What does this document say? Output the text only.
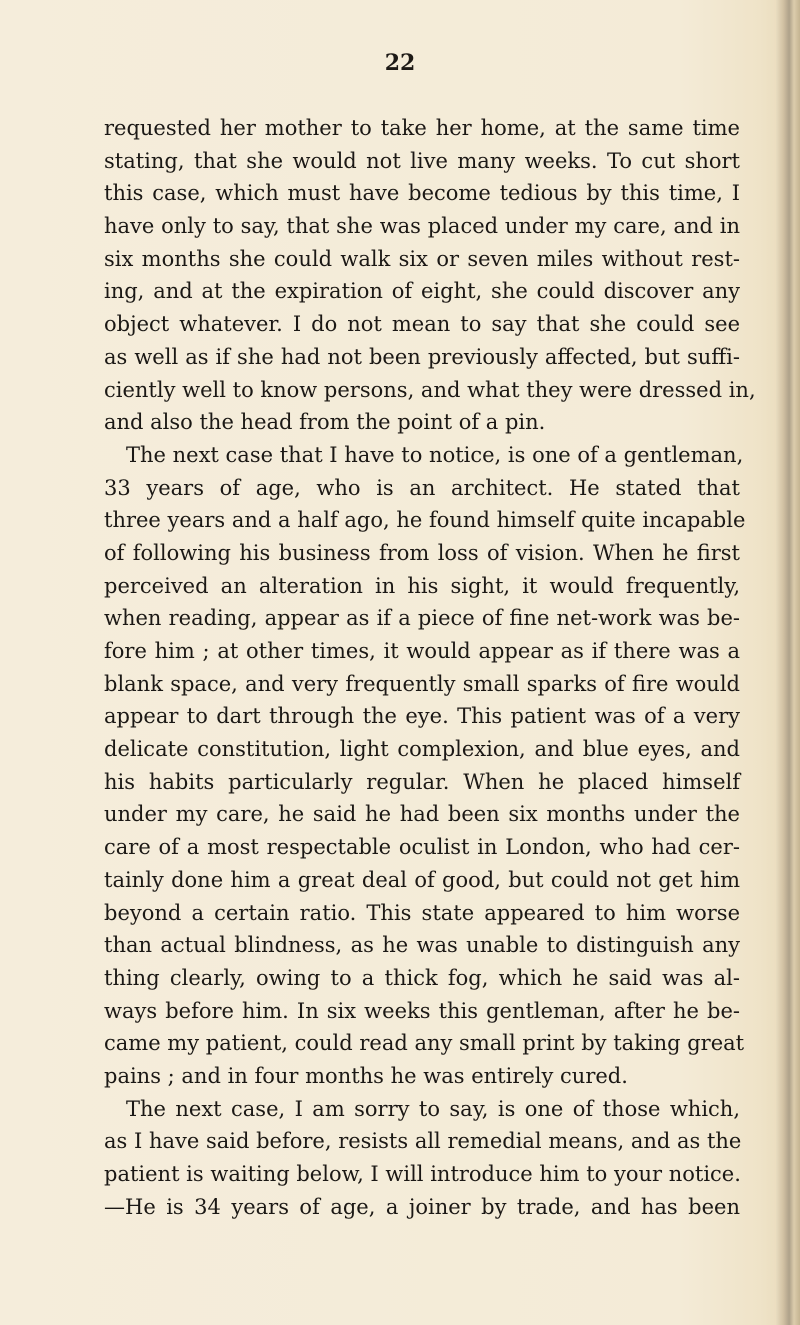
22
requested her mother to take her home, at the same time
stating, that she would not live many weeks. To cut short
this case, which must have become tedious by this time, I
have only to say, that she was placed under my care, and in
six months she could walk six or seven miles without rest-
ing, and at the expiration of eight, she could discover any
object whatever. I do not mean to say that she could see
as well as if she had not been previously affected, but suffi-
ciently well to know persons, and what they were dressed in,
and also the head from the point of a pin.
The next case that I have to notice, is one of a gentleman,
33 years of age, who is an architect. He stated that
three years and a half ago, he found himself quite incapable
of following his business from loss of vision. When he first
perceived an alteration in his sight, it would frequently,
when reading, appear as if a piece of fine net-work was be-
fore him ; at other times, it would appear as if there was a
blank space, and very frequently small sparks of fire would
appear to dart through the eye. This patient was of a very
delicate constitution, light complexion, and blue eyes, and
his habits particularly regular. When he placed himself
under my care, he said he had been six months under the
care of a most respectable oculist in London, who had cer-
tainly done him a great deal of good, but could not get him
beyond a certain ratio. This state appeared to him worse
than actual blindness, as he was unable to distinguish any
thing clearly, owing to a thick fog, which he said was al-
ways before him. In six weeks this gentleman, after he be-
came my patient, could read any small print by taking great
pains ; and in four months he was entirely cured.
The next case, I am sorry to say, is one of those which,
as I have said before, resists all remedial means, and as the
patient is waiting below, I will introduce him to your notice.
—He is 34 years of age, a joiner by trade, and has been
